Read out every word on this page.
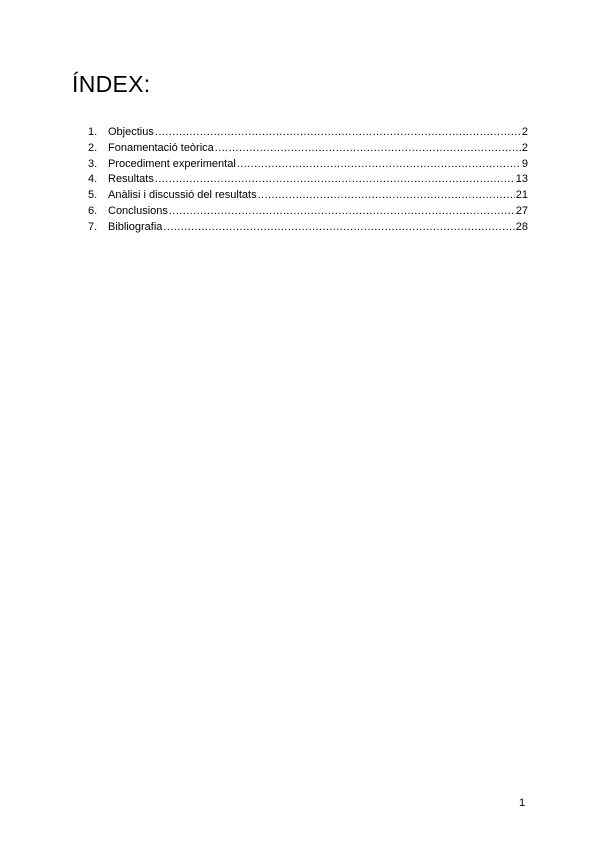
ÍNDEX:
1. Objectius .....	2
2. Fonamentació teòrica .....	2
3. Procediment experimental .....	9
4. Resultats .....	13
5. Anàlisi i discussió del resultats .....	21
6. Conclusions .....	27
7. Bibliografia .....	28
1
